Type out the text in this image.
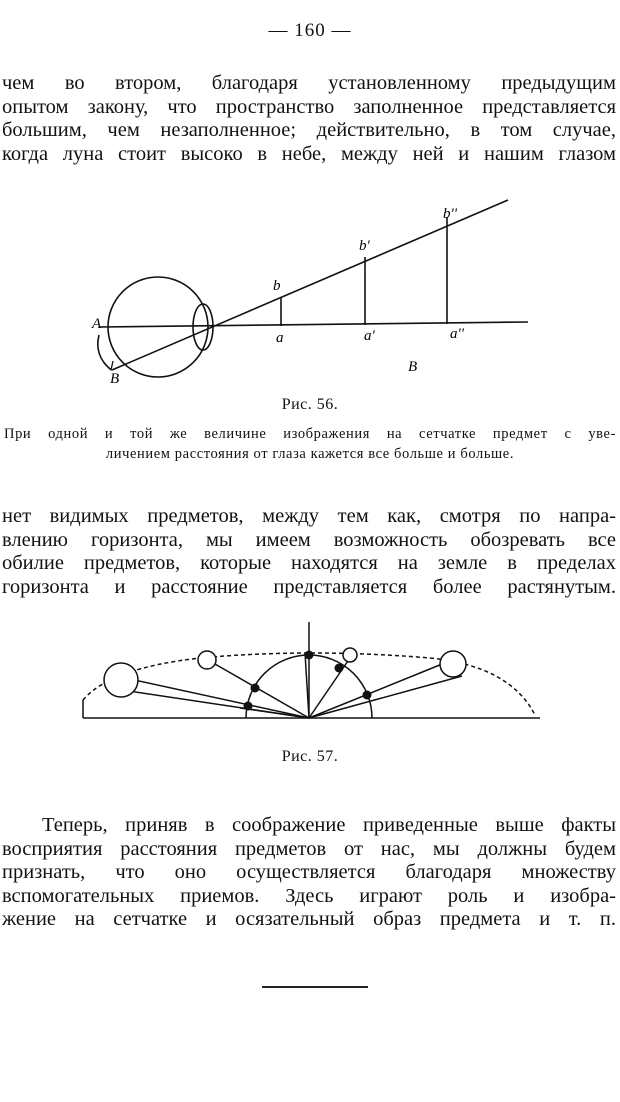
— 160 —
чем во втором, благодаря установленному предыдущим
опытом закону, что пространство заполненное представляется
большим, чем незаполненное; действительно, в том случае,
когда луна стоит высоко в небе, между ней и нашим глазом
A
B
b
b'
b''
a	a'	a''
B
Рис. 56.
При одной и той же величине изображения на сетчатке предмет с уве-
личением расстояния от глаза кажется все больше и больше.
нет видимых предметов, между тем как, смотря по напра-
влению горизонта, мы имеем возможность обозревать все
обилие предметов, которые находятся на земле в пределах
горизонта и расстояние представляется более растянутым.
Рис. 57.
Теперь, приняв в соображение приведенные выше факты
восприятия расстояния предметов от нас, мы должны будем
признать, что оно осуществляется благодаря множеству
вспомогательных приемов. Здесь играют роль и изобра-
жение на сетчатке и осязательный образ предмета и т. п.
